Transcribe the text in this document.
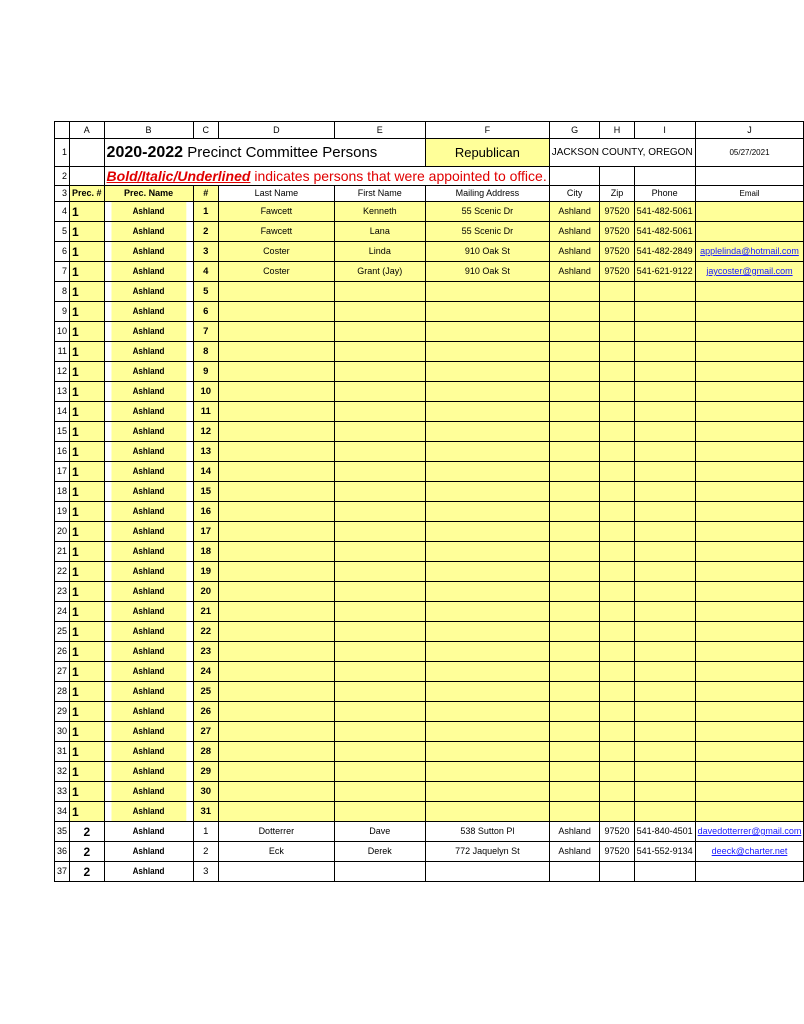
	A	B	C	D	E	F	G	H	I	J
1		2020-2022 Precinct Committee Persons				Republican	JACKSON COUNTY, OREGON			05/27/2021
2		Bold/Italic/Underlined indicates persons that were appointed to office.								
3	Prec. #	Prec. Name	#	Last Name	First Name	Mailing Address	City	Zip	Phone	Email
4	1	Ashland	1	Fawcett	Kenneth	55 Scenic Dr	Ashland	97520	541-482-5061	
5	1	Ashland	2	Fawcett	Lana	55 Scenic Dr	Ashland	97520	541-482-5061	
6	1	Ashland	3	Coster	Linda	910 Oak St	Ashland	97520	541-482-2849	applelinda@hotmail.com
7	1	Ashland	4	Coster	Grant (Jay)	910 Oak St	Ashland	97520	541-621-9122	jaycoster@gmail.com
8	1	Ashland	5							
9	1	Ashland	6							
10	1	Ashland	7							
11	1	Ashland	8							
12	1	Ashland	9							
13	1	Ashland	10							
14	1	Ashland	11							
15	1	Ashland	12							
16	1	Ashland	13							
17	1	Ashland	14							
18	1	Ashland	15							
19	1	Ashland	16							
20	1	Ashland	17							
21	1	Ashland	18							
22	1	Ashland	19							
23	1	Ashland	20							
24	1	Ashland	21							
25	1	Ashland	22							
26	1	Ashland	23							
27	1	Ashland	24							
28	1	Ashland	25							
29	1	Ashland	26							
30	1	Ashland	27							
31	1	Ashland	28							
32	1	Ashland	29							
33	1	Ashland	30							
34	1	Ashland	31							
35	2	Ashland	1	Dotterrer	Dave	538 Sutton Pl	Ashland	97520	541-840-4501	davedotterrer@gmail.com
36	2	Ashland	2	Eck	Derek	772 Jaquelyn St	Ashland	97520	541-552-9134	deeck@charter.net
37	2	Ashland	3							
